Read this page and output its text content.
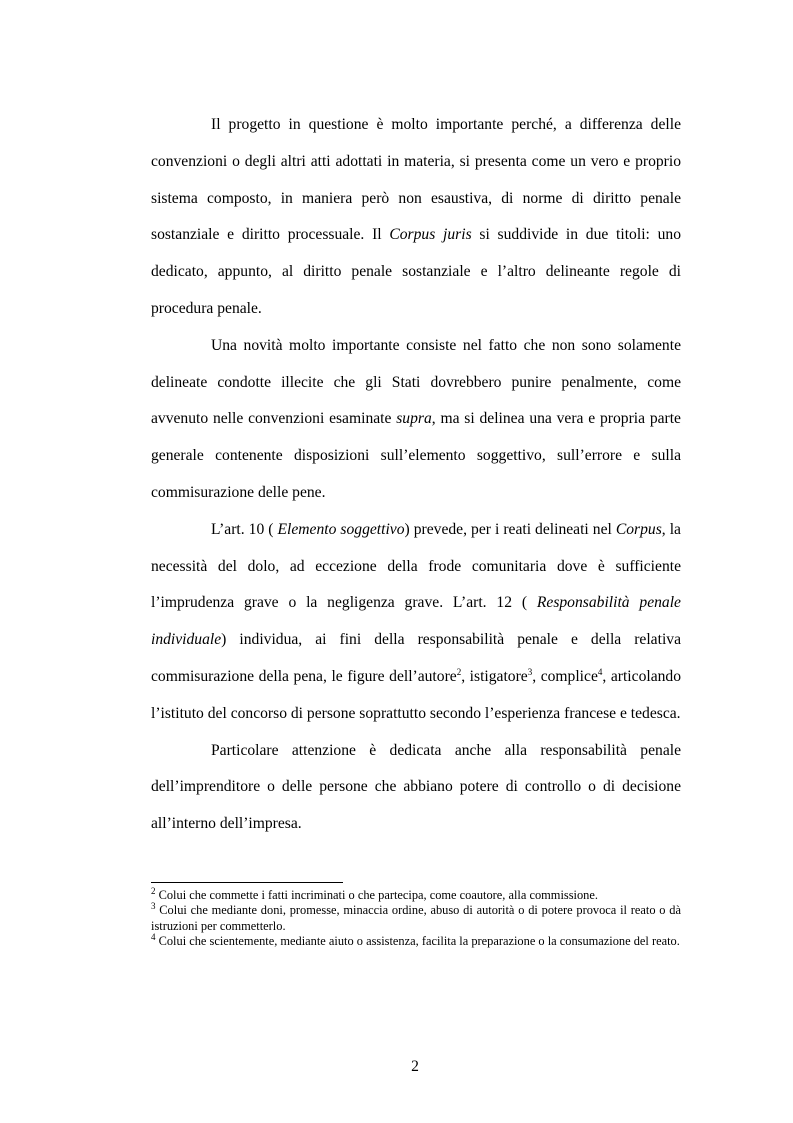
Il progetto in questione è molto importante perché, a differenza delle convenzioni o degli altri atti adottati in materia, si presenta come un vero e proprio sistema composto, in maniera però non esaustiva, di norme di diritto penale sostanziale e diritto processuale. Il Corpus juris si suddivide in due titoli: uno dedicato, appunto, al diritto penale sostanziale e l’altro delineante regole di procedura penale.

Una novità molto importante consiste nel fatto che non sono solamente delineate condotte illecite che gli Stati dovrebbero punire penalmente, come avvenuto nelle convenzioni esaminate supra, ma si delinea una vera e propria parte generale contenente disposizioni sull’elemento soggettivo, sull’errore e sulla commisurazione delle pene.

L’art. 10 ( Elemento soggettivo) prevede, per i reati delineati nel Corpus, la necessità del dolo, ad eccezione della frode comunitaria dove è sufficiente l’imprudenza grave o la negligenza grave. L’art. 12 ( Responsabilità penale individuale) individua, ai fini della responsabilità penale e della relativa commisurazione della pena, le figure dell’autore$^2$, istigatore$^3$, complice$^4$, articolando l’istituto del concorso di persone soprattutto secondo l’esperienza francese e tedesca.

Particolare attenzione è dedicata anche alla responsabilità penale dell’imprenditore o delle persone che abbiano potere di controllo o di decisione all’interno dell’impresa.

$^2$ Colui che commette i fatti incriminati o che partecipa, come coautore, alla commissione.

$^3$ Colui che mediante doni, promesse, minaccia ordine, abuso di autorità o di potere provoca il reato o dà istruzioni per commetterlo.

$^4$ Colui che scientemente, mediante aiuto o assistenza, facilita la preparazione o la consumazione del reato.

2
